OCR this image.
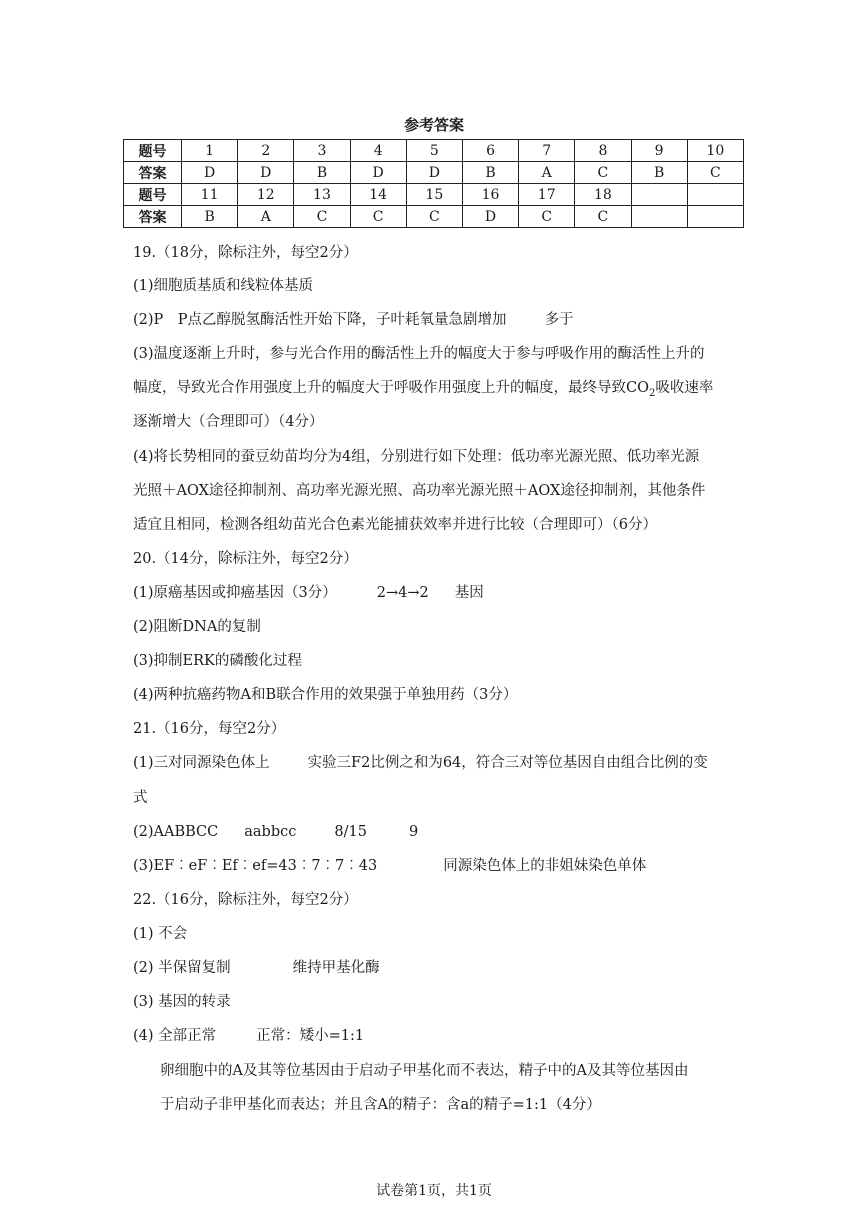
参考答案
题号	1	2	3	4	5	6	7	8	9	10
答案	D	D	B	D	D	B	A	C	B	C
题号	11	12	13	14	15	16	17	18		
答案	B	A	C	C	C	D	C	C		
19.（18分，除标注外，每空2分）
(1)细胞质基质和线粒体基质
(2)P　P点乙醇脱氢酶活性开始下降，子叶耗氧量急剧增加	多于
(3)温度逐渐上升时，参与光合作用的酶活性上升的幅度大于参与呼吸作用的酶活性上升的
幅度，导致光合作用强度上升的幅度大于呼吸作用强度上升的幅度，最终导致$CO_2$吸收速率
逐渐增大（合理即可）（4分）
(4)将长势相同的蚕豆幼苗均分为4组，分别进行如下处理：低功率光源光照、低功率光源
光照＋AOX途径抑制剂、高功率光源光照、高功率光源光照＋AOX途径抑制剂，其他条件
适宜且相同，检测各组幼苗光合色素光能捕获效率并进行比较（合理即可）（6分）
20.（14分，除标注外，每空2分）
(1)原癌基因或抑癌基因（3分）	2→4→2 基因
(2)阻断DNA的复制
(3)抑制ERK的磷酸化过程
(4)两种抗癌药物A和B联合作用的效果强于单独用药（3分）
21.（16分，每空2分）
(1)三对同源染色体上	实验三F2比例之和为64，符合三对等位基因自由组合比例的变
式
(2)AABBCC aabbcc	8/15	9
(3)EF︰eF︰Ef︰ef=43︰7︰7︰43	同源染色体上的非姐妹染色单体
22.（16分，除标注外，每空2分）
(1) 不会
(2) 半保留复制	维持甲基化酶
(3) 基因的转录
(4) 全部正常	正常：矮小=1:1
卵细胞中的A及其等位基因由于启动子甲基化而不表达，精子中的A及其等位基因由
于启动子非甲基化而表达；并且含A的精子：含a的精子=1:1（4分）
试卷第1页，共1页
